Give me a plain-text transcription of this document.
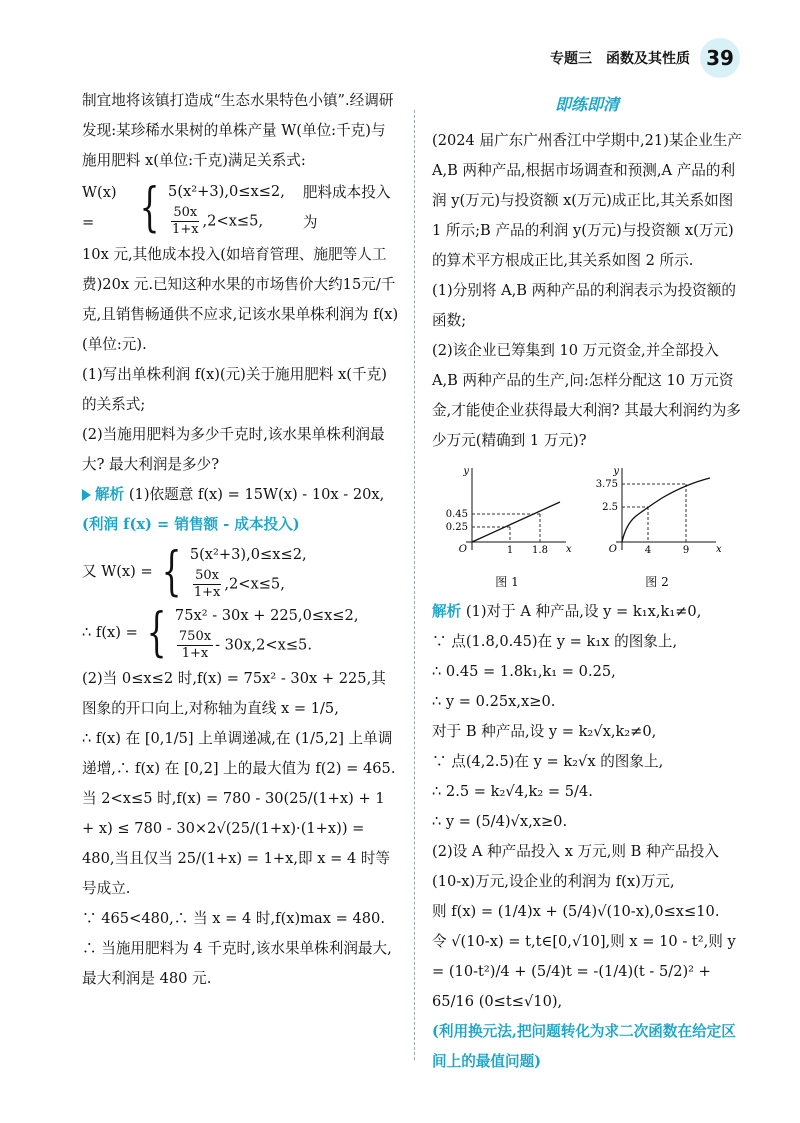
专题三　函数及其性质 39

制宜地将该镇打造成“生态水果特色小镇”.经调研发现:某珍稀水果树的单株产量 W(单位:千克)与施用肥料 x(单位:千克)满足关系式:

W(x) = { 5(x²+3),0≤x≤2,
$\frac{50x}{1+x} ,2<x\le 5$,
肥料成本投入为

10x 元,其他成本投入(如培育管理、施肥等人工费)20x 元.已知这种水果的市场售价大约15元/千克,且销售畅通供不应求,记该水果单株利润为 f(x)(单位:元).

(1)写出单株利润 f(x)(元)关于施用肥料 x(千克)的关系式;

(2)当施用肥料为多少千克时,该水果单株利润最大? 最大利润是多少?

解析 (1)依题意 f(x) = 15W(x) - 10x - 20x,

(利润 f(x) = 销售额 - 成本投入)

又 W(x) = { 5(x²+3),0≤x≤2,
$\frac{50x}{1+x} ,2<x\le 5$,
∴ f(x) = { 75x² - 30x + 225,0≤x≤2,
$\frac{750x}{1+x} - 30x,2<x\le 5$.

(2)当 0≤x≤2 时,f(x) = 75x² - 30x + 225,其图象的开口向上,对称轴为直线 x = 1/5,

∴ f(x) 在 [0,1/5] 上单调递减,在 (1/5,2] 上单调递增,∴ f(x) 在 [0,2] 上的最大值为 f(2) = 465.

当 2<x≤5 时,f(x) = 780 - 30(25/(1+x) + 1 + x) ≤ 780 - 30×2√(25/(1+x)·(1+x)) = 480,当且仅当 25/(1+x) = 1+x,即 x = 4 时等号成立.

∵ 465<480,∴ 当 x = 4 时,f(x)max = 480.

∴ 当施用肥料为 4 千克时,该水果单株利润最大,最大利润是 480 元.

即练即清

(2024 届广东广州香江中学期中,21)某企业生产 A,B 两种产品,根据市场调查和预测,A 产品的利润 y(万元)与投资额 x(万元)成正比,其关系如图 1 所示;B 产品的利润 y(万元)与投资额 x(万元)的算术平方根成正比,其关系如图 2 所示.

(1)分别将 A,B 两种产品的利润表示为投资额的函数;

(2)该企业已筹集到 10 万元资金,并全部投入 A,B 两种产品的生产,问:怎样分配这 10 万元资金,才能使企业获得最大利润? 其最大利润约为多少万元(精确到 1 万元)?

y
0.45
0.25
O	1 1.8 x
图 1
y
3.75
2.5
O	4	9	x
图 2

解析 (1)对于 A 种产品,设 y = k₁x,k₁≠0,

∵ 点(1.8,0.45)在 y = k₁x 的图象上,

∴ 0.45 = 1.8k₁,k₁ = 0.25,

∴ y = 0.25x,x≥0.

对于 B 种产品,设 y = k₂√x,k₂≠0,

∵ 点(4,2.5)在 y = k₂√x 的图象上,

∴ 2.5 = k₂√4,k₂ = 5/4.

∴ y = (5/4)√x,x≥0.

(2)设 A 种产品投入 x 万元,则 B 种产品投入(10-x)万元,设企业的利润为 f(x)万元,

则 f(x) = (1/4)x + (5/4)√(10-x),0≤x≤10.

令 √(10-x) = t,t∈[0,√10],则 x = 10 - t²,则 y = (10-t²)/4 + (5/4)t = -(1/4)(t - 5/2)² + 65/16 (0≤t≤√10),

(利用换元法,把问题转化为求二次函数在给定区间上的最值问题)
